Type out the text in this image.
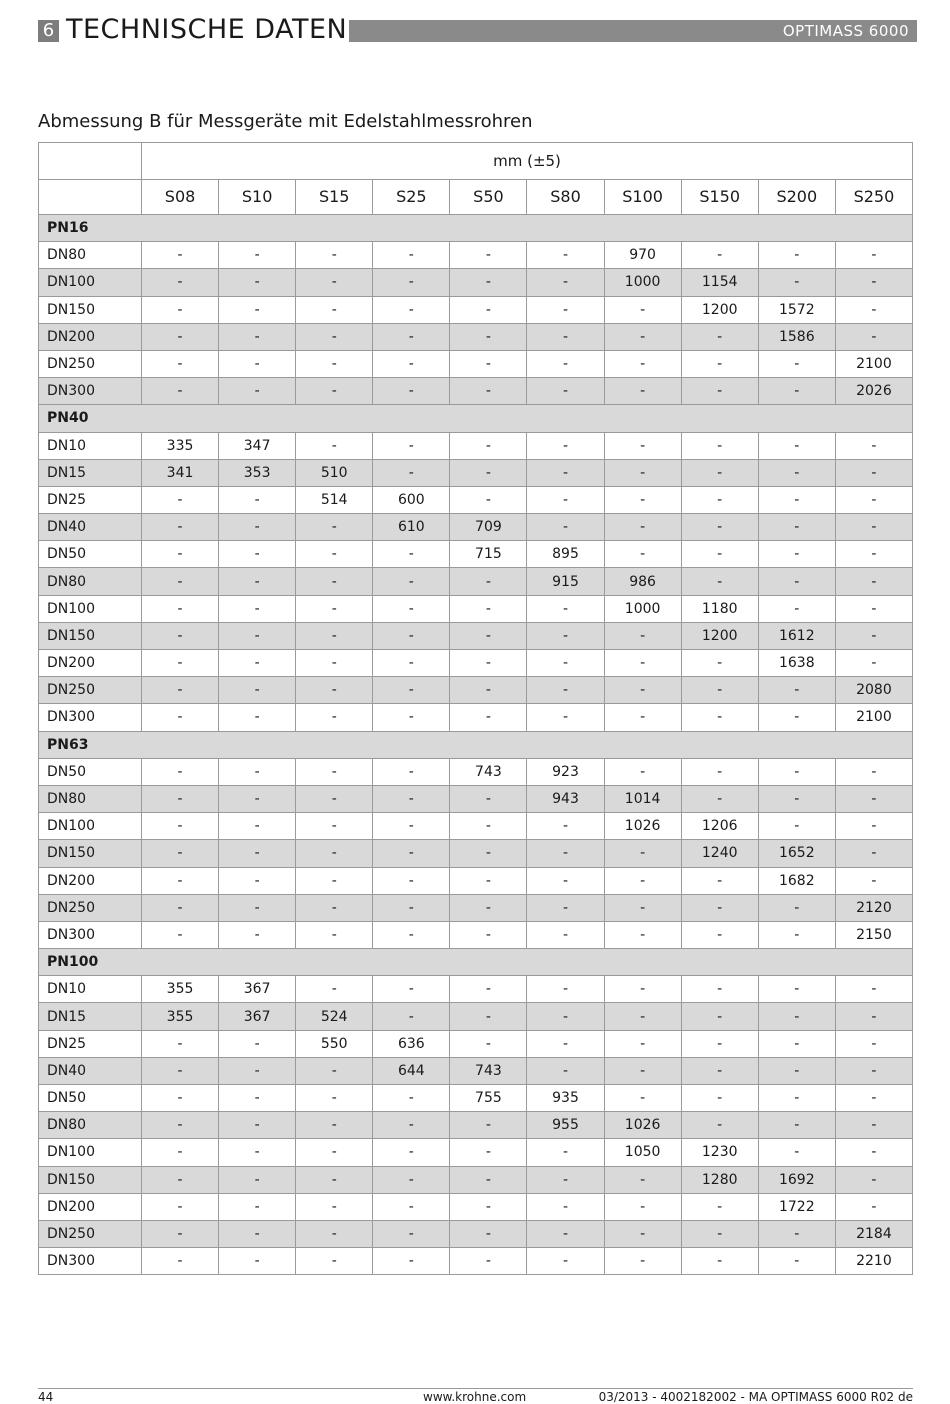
6 TECHNISCHE DATEN	OPTIMASS 6000
Abmessung B für Messgeräte mit Edelstahlmessrohren
	mm (±5)									
	S08	S10	S15	S25	S50	S80	S100	S150	S200	S250
PN16										
DN80	-	-	-	-	-	-	970	-	-	-
DN100	-	-	-	-	-	-	1000	1154	-	-
DN150	-	-	-	-	-	-	-	1200	1572	-
DN200	-	-	-	-	-	-	-	-	1586	-
DN250	-	-	-	-	-	-	-	-	-	2100
DN300	-	-	-	-	-	-	-	-	-	2026
PN40										
DN10	335	347	-	-	-	-	-	-	-	-
DN15	341	353	510	-	-	-	-	-	-	-
DN25	-	-	514	600	-	-	-	-	-	-
DN40	-	-	-	610	709	-	-	-	-	-
DN50	-	-	-	-	715	895	-	-	-	-
DN80	-	-	-	-	-	915	986	-	-	-
DN100	-	-	-	-	-	-	1000	1180	-	-
DN150	-	-	-	-	-	-	-	1200	1612	-
DN200	-	-	-	-	-	-	-	-	1638	-
DN250	-	-	-	-	-	-	-	-	-	2080
DN300	-	-	-	-	-	-	-	-	-	2100
PN63										
DN50	-	-	-	-	743	923	-	-	-	-
DN80	-	-	-	-	-	943	1014	-	-	-
DN100	-	-	-	-	-	-	1026	1206	-	-
DN150	-	-	-	-	-	-	-	1240	1652	-
DN200	-	-	-	-	-	-	-	-	1682	-
DN250	-	-	-	-	-	-	-	-	-	2120
DN300	-	-	-	-	-	-	-	-	-	2150
PN100										
DN10	355	367	-	-	-	-	-	-	-	-
DN15	355	367	524	-	-	-	-	-	-	-
DN25	-	-	550	636	-	-	-	-	-	-
DN40	-	-	-	644	743	-	-	-	-	-
DN50	-	-	-	-	755	935	-	-	-	-
DN80	-	-	-	-	-	955	1026	-	-	-
DN100	-	-	-	-	-	-	1050	1230	-	-
DN150	-	-	-	-	-	-	-	1280	1692	-
DN200	-	-	-	-	-	-	-	-	1722	-
DN250	-	-	-	-	-	-	-	-	-	2184
DN300	-	-	-	-	-	-	-	-	-	2210
44	www.krohne.com	03/2013 - 4002182002 - MA OPTIMASS 6000 R02 de
